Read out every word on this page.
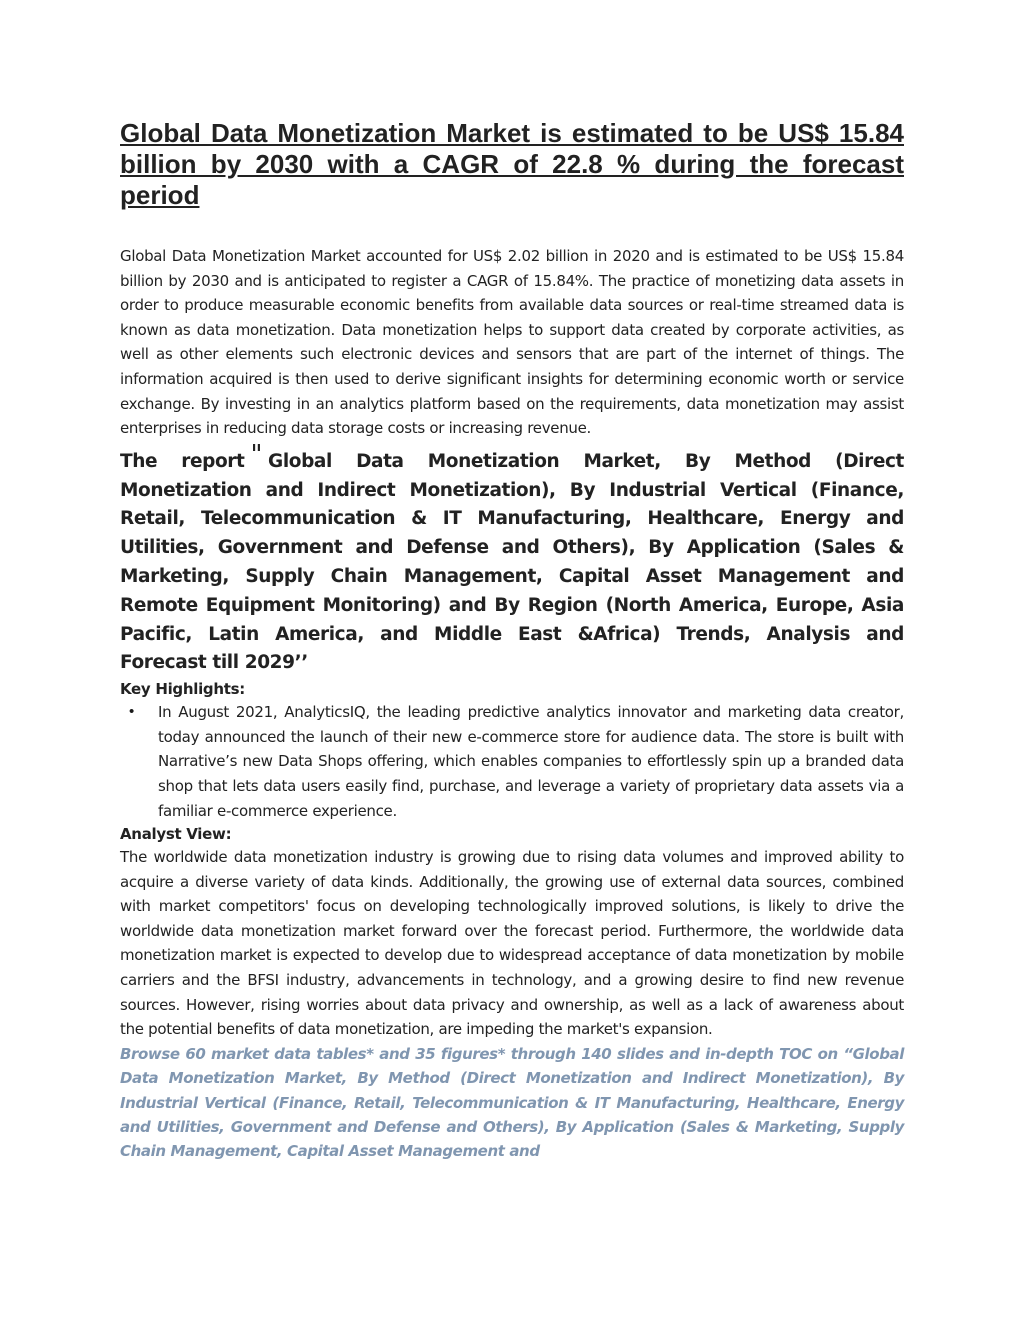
Global Data Monetization Market is estimated to be US$ 15.84 billion by 2030 with a CAGR of 22.8 % during the forecast period

Global Data Monetization Market accounted for US$ 2.02 billion in 2020 and is estimated to be US$ 15.84 billion by 2030 and is anticipated to register a CAGR of 15.84%. The practice of monetizing data assets in order to produce measurable economic benefits from available data sources or real-time streamed data is known as data monetization. Data monetization helps to support data created by corporate activities, as well as other elements such electronic devices and sensors that are part of the internet of things. The information acquired is then used to derive significant insights for determining economic worth or service exchange. By investing in an analytics platform based on the requirements, data monetization may assist enterprises in reducing data storage costs or increasing revenue.

The report " Global Data Monetization Market, By Method (Direct Monetization and Indirect Monetization), By Industrial Vertical (Finance, Retail, Telecommunication & IT Manufacturing, Healthcare, Energy and Utilities, Government and Defense and Others), By Application (Sales & Marketing, Supply Chain Management, Capital Asset Management and Remote Equipment Monitoring) and By Region (North America, Europe, Asia Pacific, Latin America, and Middle East &Africa) Trends, Analysis and Forecast till 2029’’

Key Highlights:

• In August 2021, AnalyticsIQ, the leading predictive analytics innovator and marketing data creator, today announced the launch of their new e-commerce store for audience data. The store is built with Narrative’s new Data Shops offering, which enables companies to effortlessly spin up a branded data shop that lets data users easily find, purchase, and leverage a variety of proprietary data assets via a familiar e-commerce experience.

Analyst View:

The worldwide data monetization industry is growing due to rising data volumes and improved ability to acquire a diverse variety of data kinds. Additionally, the growing use of external data sources, combined with market competitors' focus on developing technologically improved solutions, is likely to drive the worldwide data monetization market forward over the forecast period. Furthermore, the worldwide data monetization market is expected to develop due to widespread acceptance of data monetization by mobile carriers and the BFSI industry, advancements in technology, and a growing desire to find new revenue sources. However, rising worries about data privacy and ownership, as well as a lack of awareness about the potential benefits of data monetization, are impeding the market's expansion.

Browse 60 market data tables* and 35 figures* through 140 slides and in-depth TOC on “Global Data Monetization Market, By Method (Direct Monetization and Indirect Monetization), By Industrial Vertical (Finance, Retail, Telecommunication & IT Manufacturing, Healthcare, Energy and Utilities, Government and Defense and Others), By Application (Sales & Marketing, Supply Chain Management, Capital Asset Management and
